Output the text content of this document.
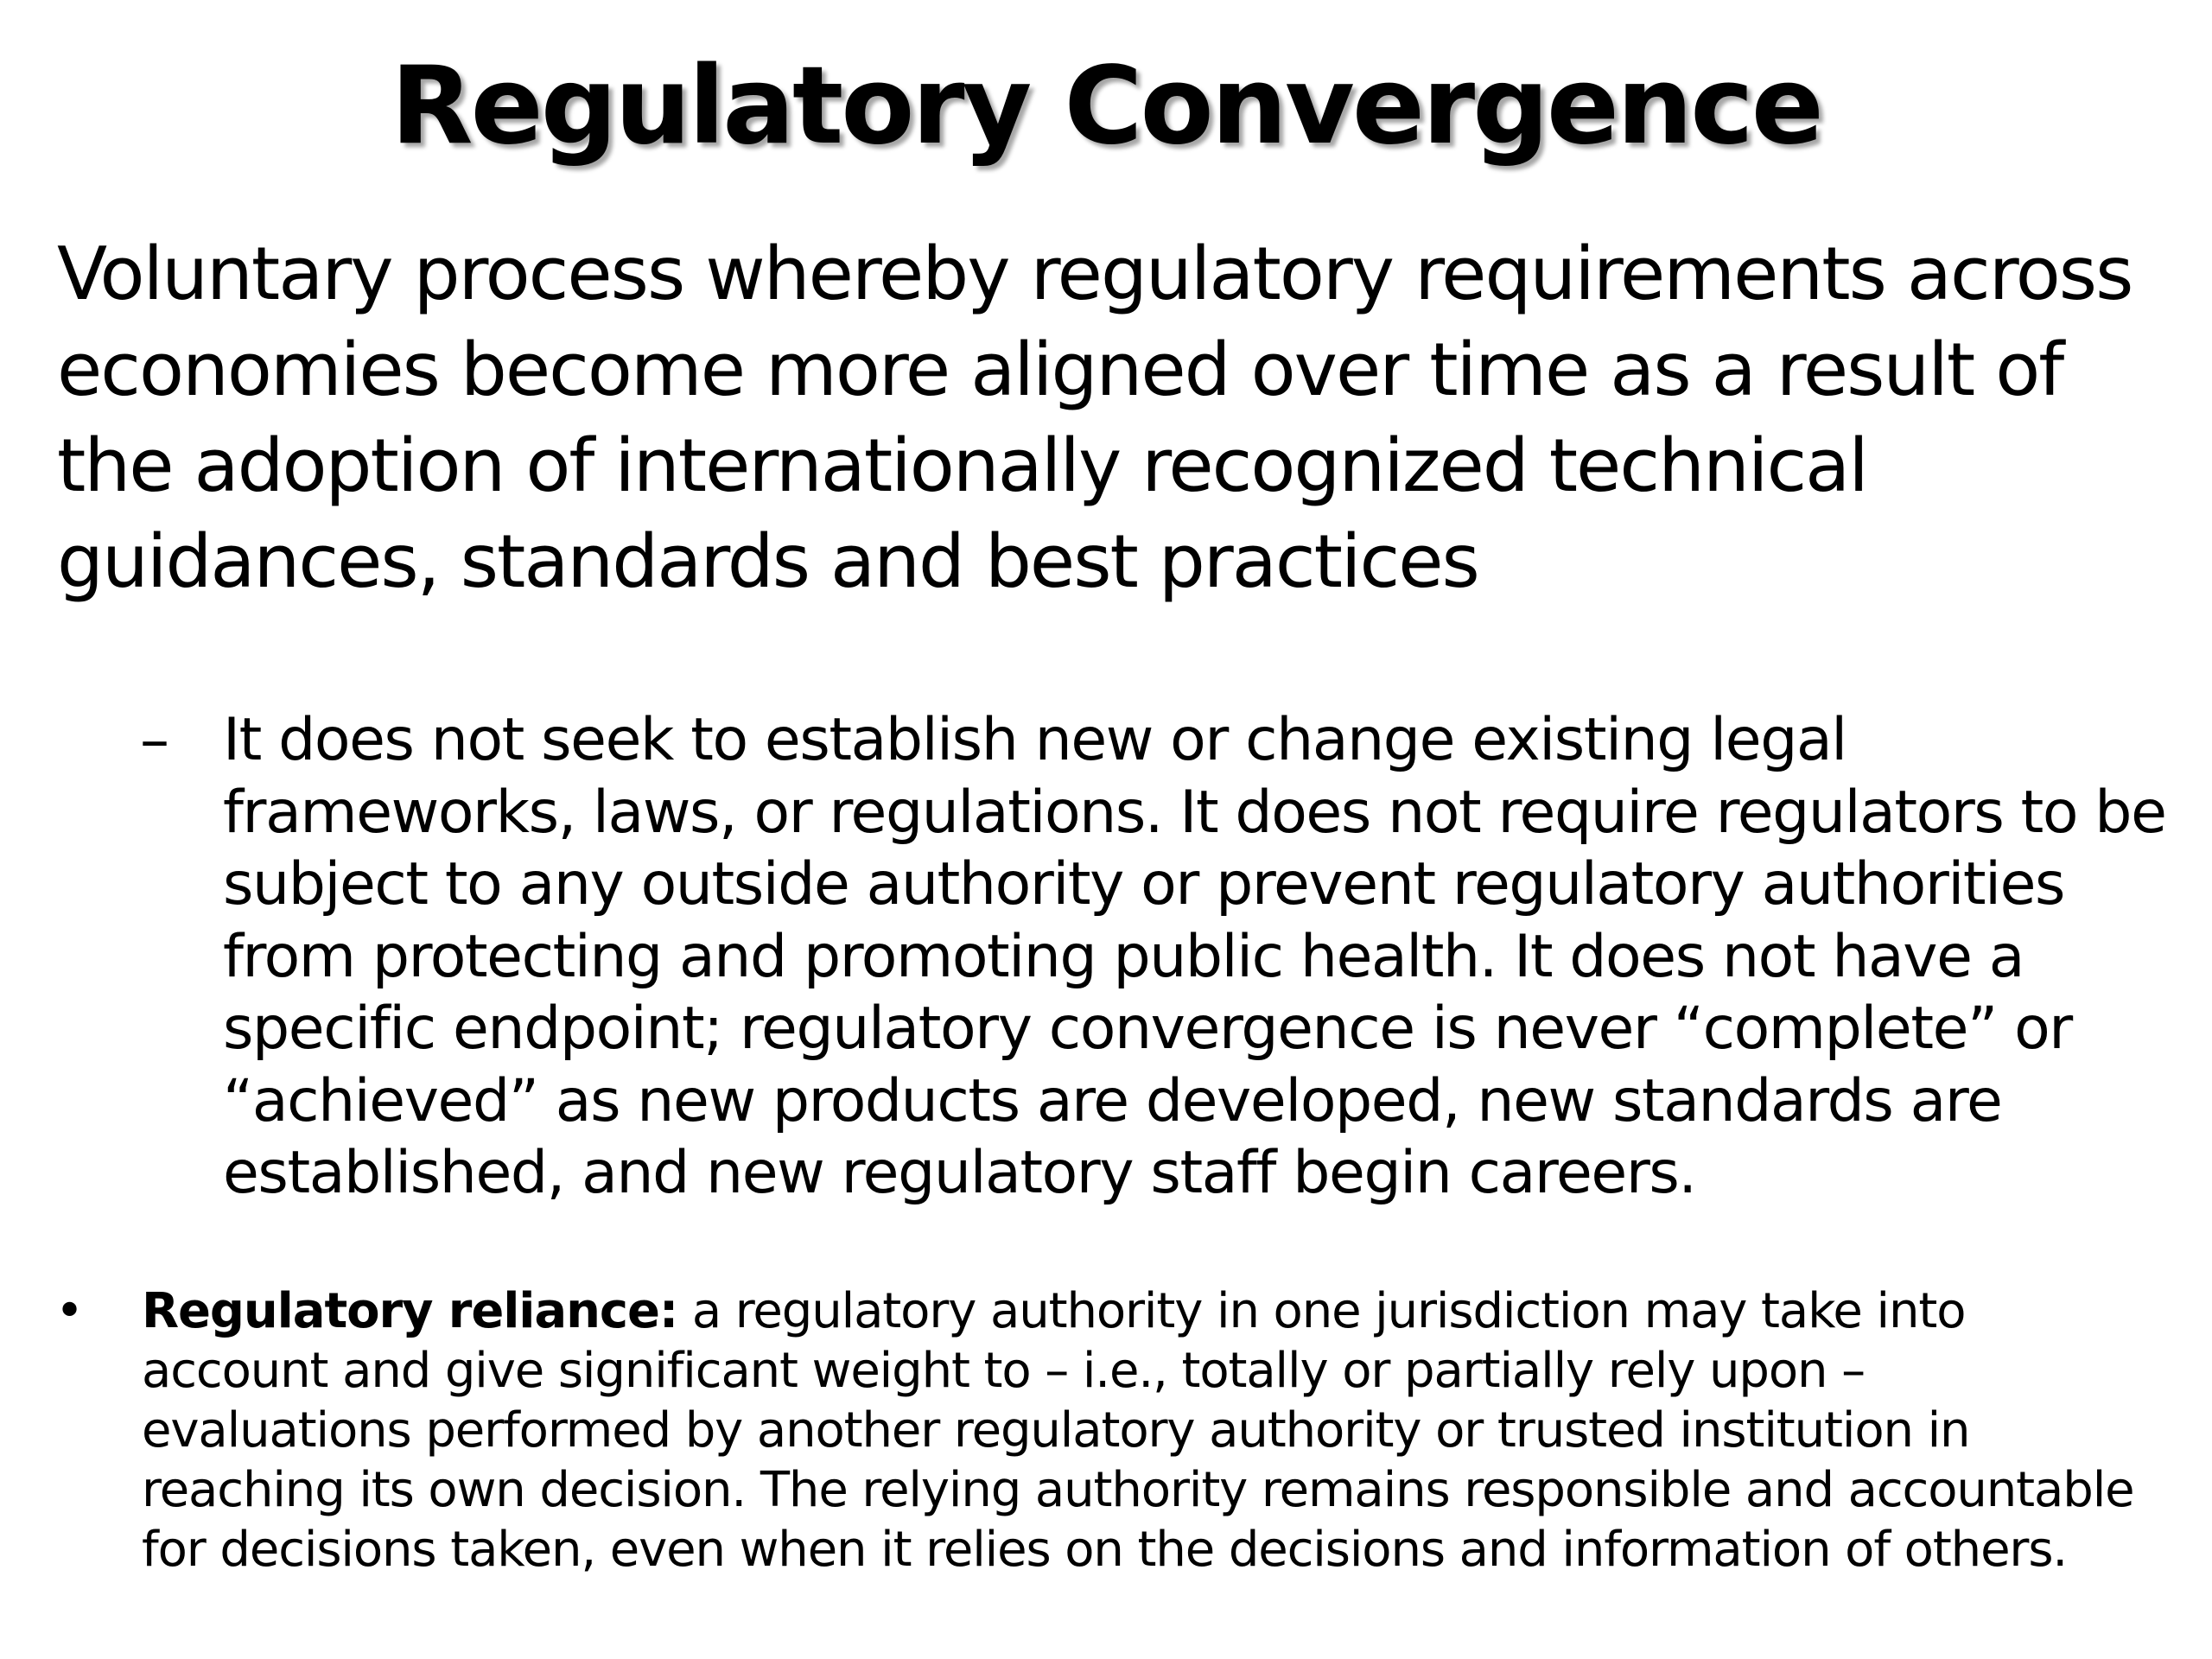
Regulatory Convergence

Voluntary process whereby regulatory requirements across economies become more aligned over time as a result of the adoption of internationally recognized technical guidances, standards and best practices

– It does not seek to establish new or change existing legal frameworks, laws, or regulations. It does not require regulators to be subject to any outside authority or prevent regulatory authorities from protecting and promoting public health. It does not have a specific endpoint; regulatory convergence is never “complete” or “achieved” as new products are developed, new standards are established, and new regulatory staff begin careers.
•	Regulatory reliance: a regulatory authority in one jurisdiction may take into account and give significant weight to – i.e., totally or partially rely upon – evaluations performed by another regulatory authority or trusted institution in reaching its own decision. The relying authority remains responsible and accountable for decisions taken, even when it relies on the decisions and information of others.
